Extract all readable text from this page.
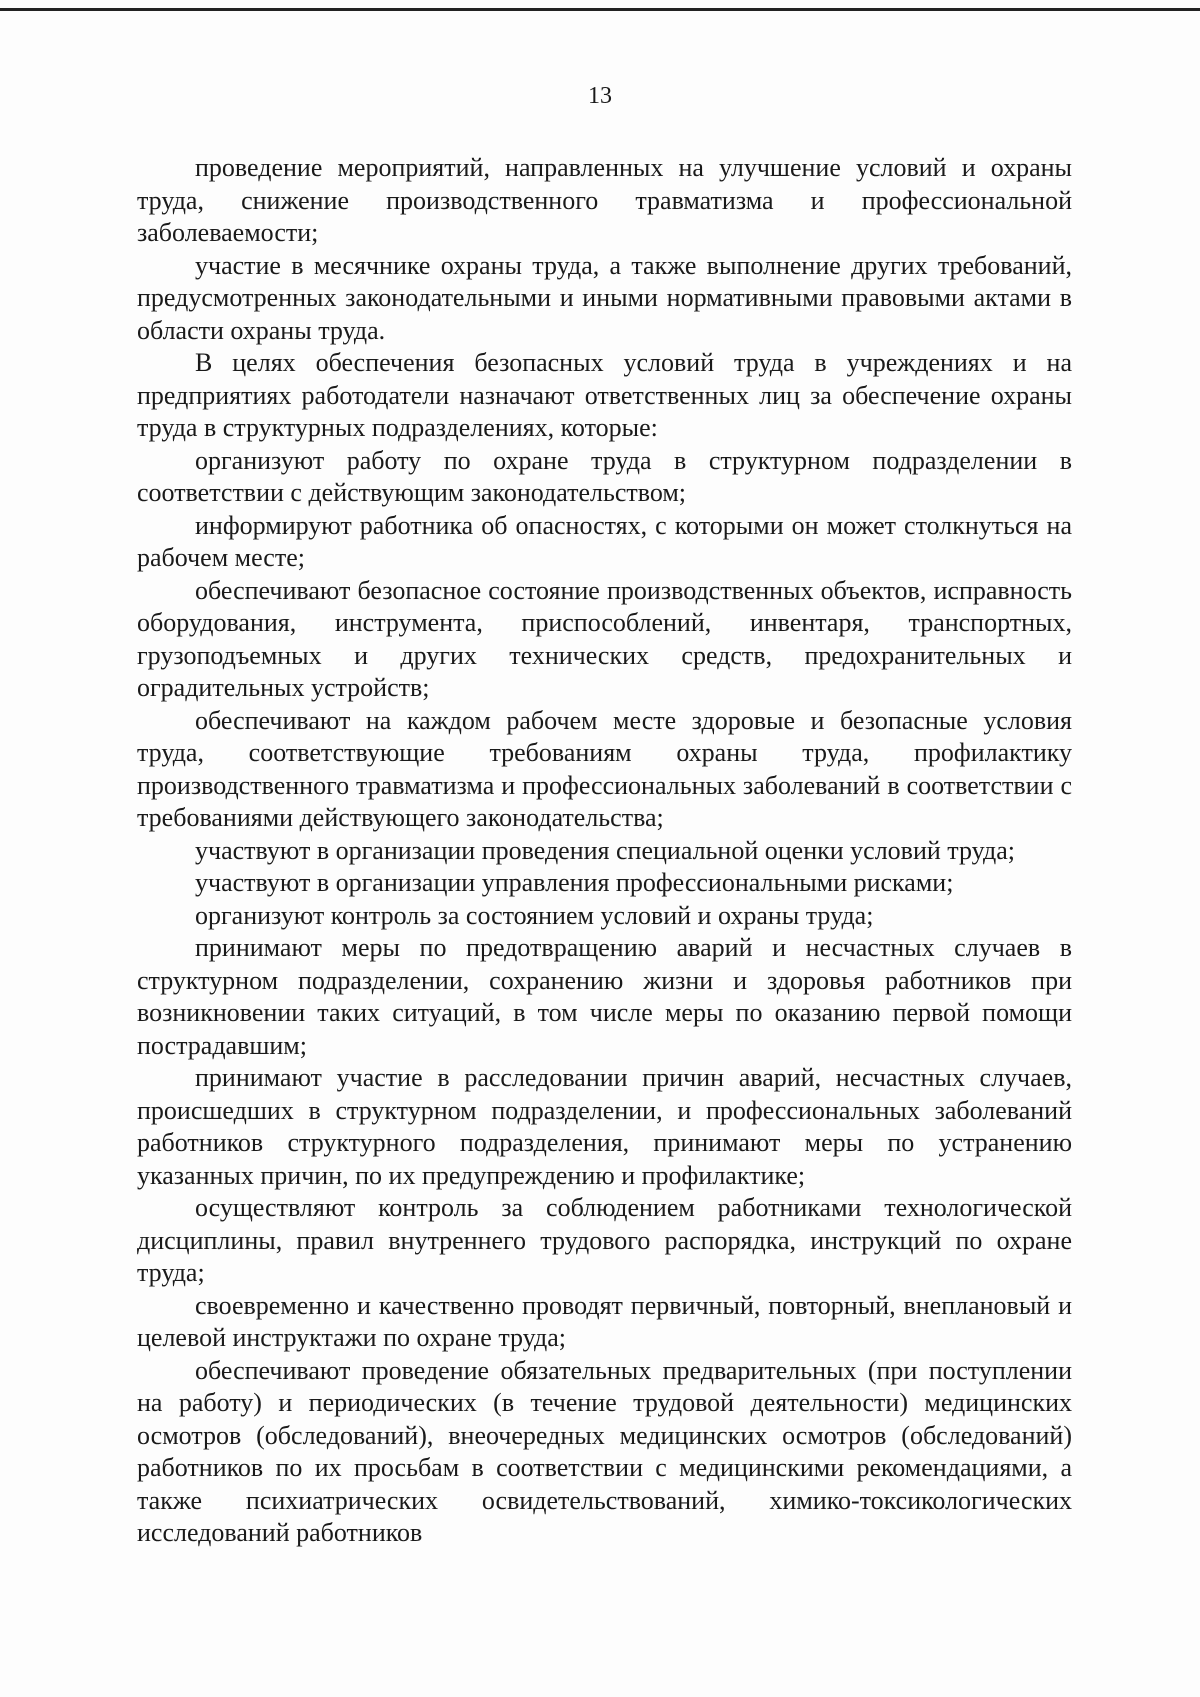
13

проведение мероприятий, направленных на улучшение условий и охраны труда, снижение производственного травматизма и профессиональной заболеваемости;

участие в месячнике охраны труда, а также выполнение других требований, предусмотренных законодательными и иными нормативными правовыми актами в области охраны труда.

В целях обеспечения безопасных условий труда в учреждениях и на предприятиях работодатели назначают ответственных лиц за обеспечение охраны труда в структурных подразделениях, которые:

организуют работу по охране труда в структурном подразделении в соответствии с действующим законодательством;

информируют работника об опасностях, с которыми он может столкнуться на рабочем месте;

обеспечивают безопасное состояние производственных объектов, исправность оборудования, инструмента, приспособлений, инвентаря, транспортных, грузоподъемных и других технических средств, предохранительных и оградительных устройств;

обеспечивают на каждом рабочем месте здоровые и безопасные условия труда, соответствующие требованиям охраны труда, профилактику производственного травматизма и профессиональных заболеваний в соответствии с требованиями действующего законодательства;

участвуют в организации проведения специальной оценки условий труда;

участвуют в организации управления профессиональными рисками;

организуют контроль за состоянием условий и охраны труда;

принимают меры по предотвращению аварий и несчастных случаев в структурном подразделении, сохранению жизни и здоровья работников при возникновении таких ситуаций, в том числе меры по оказанию первой помощи пострадавшим;

принимают участие в расследовании причин аварий, несчастных случаев, происшедших в структурном подразделении, и профессиональных заболеваний работников структурного подразделения, принимают меры по устранению указанных причин, по их предупреждению и профилактике;

осуществляют контроль за соблюдением работниками технологической дисциплины, правил внутреннего трудового распорядка, инструкций по охране труда;

своевременно и качественно проводят первичный, повторный, внеплановый и целевой инструктажи по охране труда;

обеспечивают проведение обязательных предварительных (при поступлении на работу) и периодических (в течение трудовой деятельности) медицинских осмотров (обследований), внеочередных медицинских осмотров (обследований) работников по их просьбам в соответствии с медицинскими рекомендациями, а также психиатрических освидетельствований, химико-токсикологических исследований работников
